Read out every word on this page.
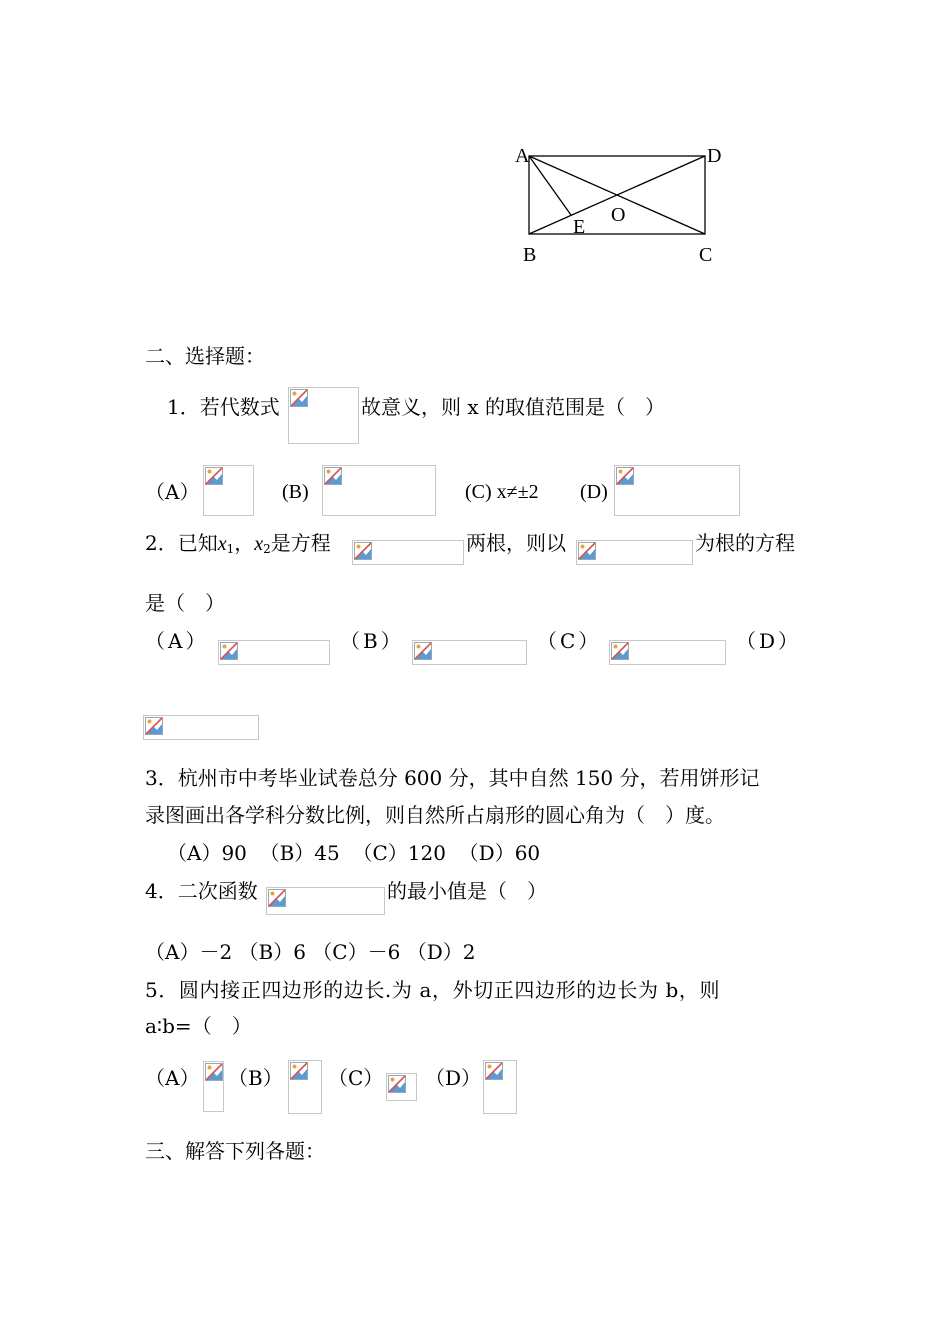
A	D
O
E
B	C
二、选择题：
1．若代数式	故意义，则 x 的取值范围是（　）
（A）	(B)	(C) x≠±2 (D)
2．已知$x_1$，$x_2$是方程	两根，则以	为根的方程
是（　）
（A）	（B）	（C）	（D）
3．杭州市中考毕业试卷总分 600 分，其中自然 150 分，若用饼形记
录图画出各学科分数比例，则自然所占扇形的圆心角为（　）度。
（A）90  （B）45  （C）120  （D）60
4．二次函数	的最小值是（　）
（A）－2 （B）6 （C）－6 （D）2
5．圆内接正四边形的边长.为 a，外切正四边形的边长为 b，则
a∶b=（　）
（A） （B） （C） （D）
三、解答下列各题：
